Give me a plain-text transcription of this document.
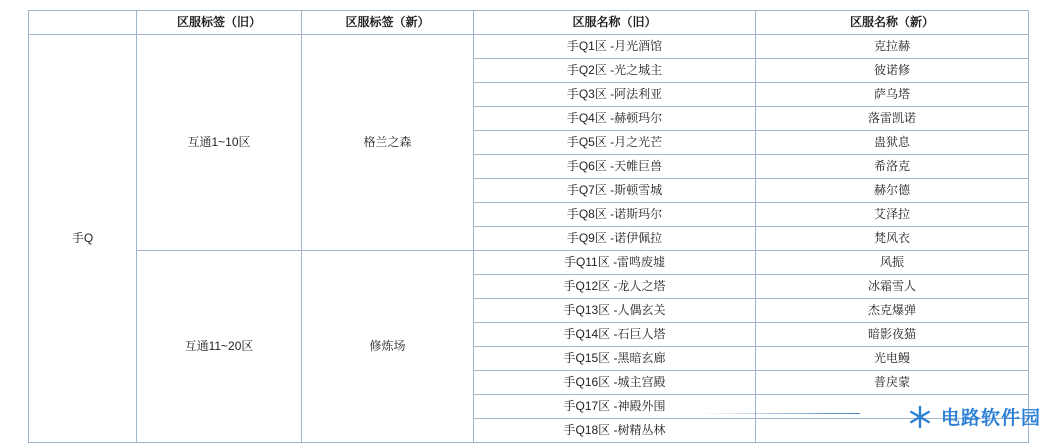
	区服标签（旧）	区服标签（新）	区服名称（旧）	区服名称（新）
手Q	互通1~10区	格兰之森	手Q1区 -月光酒馆	克拉赫
			手Q2区 -光之城主	彼诺修
			手Q3区 -阿法利亚	萨乌塔
			手Q4区 -赫顿玛尔	落雷凯诺
			手Q5区 -月之光芒	蛊狱息
			手Q6区 -天帷巨兽	希洛克
			手Q7区 -斯顿雪城	赫尔德
			手Q8区 -诺斯玛尔	艾泽拉
			手Q9区 -诺伊佩拉	梵风衣
	互通11~20区	修炼场	手Q11区 -雷鸣废墟	风振
			手Q12区 -龙人之塔	冰霜雪人
			手Q13区 -人偶玄关	杰克爆弹
			手Q14区 -石巨人塔	暗影夜猫
			手Q15区 -黑暗玄廊	光电鳗
			手Q16区 -城主宫殿	普戾蒙
			手Q17区 -神殿外围	
			手Q18区 -树精丛林	
电路软件园
